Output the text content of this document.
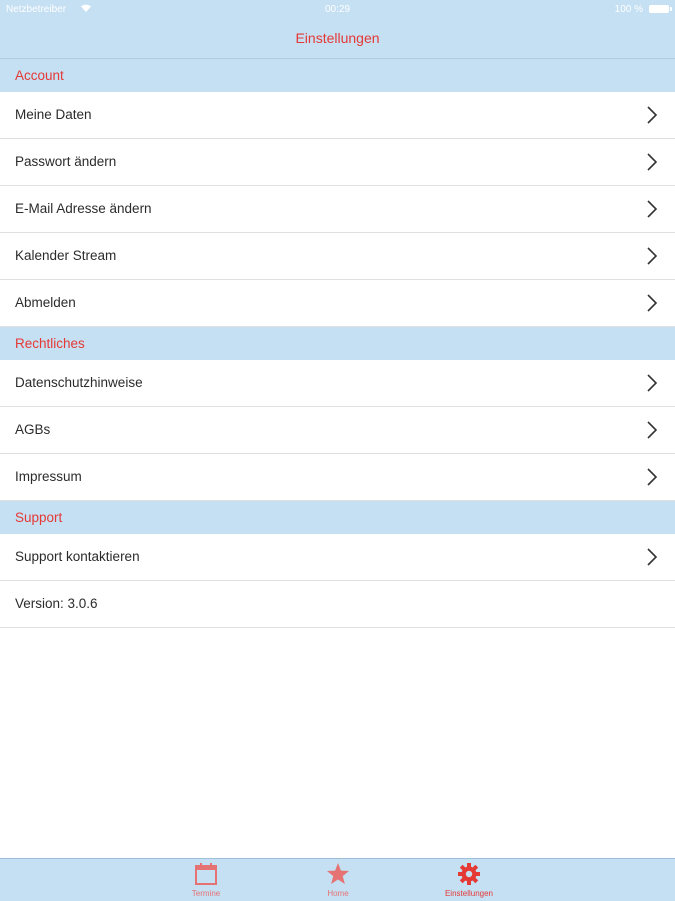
Netzbetreiber	00:29	100 %
Einstellungen
Account
Meine Daten
Passwort ändern
E-Mail Adresse ändern
Kalender Stream
Abmelden
Rechtliches
Datenschutzhinweise
AGBs
Impressum
Support
Support kontaktieren
Version: 3.0.6
Termine	Home	Einstellungen
